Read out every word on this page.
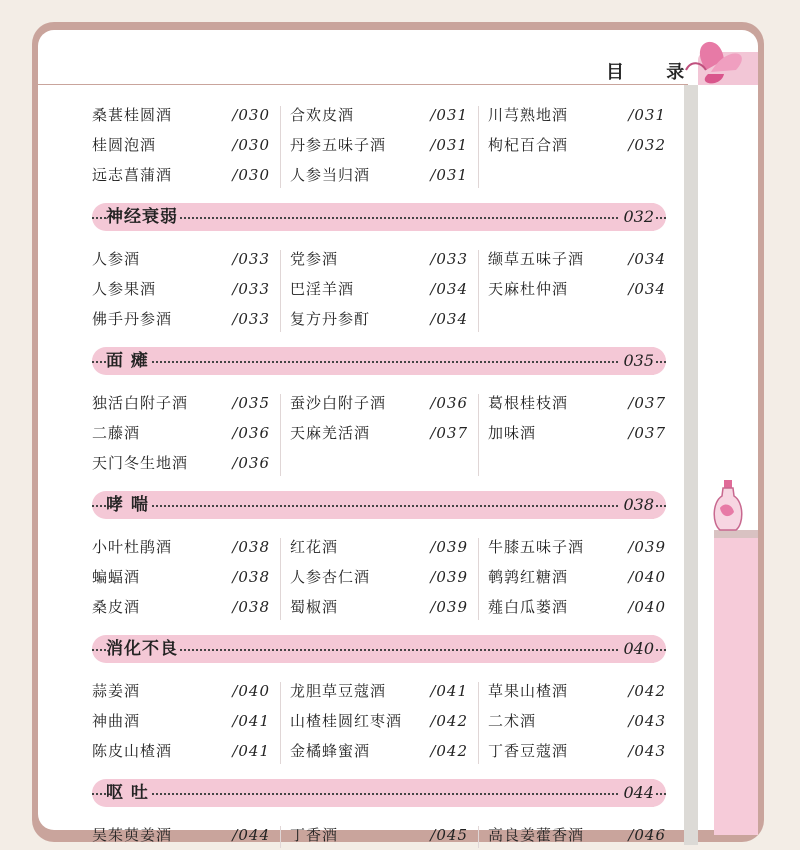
目 录
桑葚桂圆酒	/030 合欢皮酒	/031 川芎熟地酒	/031
桂圆泡酒	/030 丹参五味子酒	/031 枸杞百合酒	/032
远志菖蒲酒	/030 人参当归酒	/031
神经衰弱	032
人参酒	/033 党参酒	/033 缬草五味子酒	/034
人参果酒	/033 巴淫羊酒	/034 天麻杜仲酒	/034
佛手丹参酒	/033 复方丹参酊	/034
面 瘫	035
独活白附子酒	/035 蚕沙白附子酒	/036 葛根桂枝酒	/037
二藤酒	/036 天麻羌活酒	/037 加味酒	/037
天门冬生地酒	/036
哮 喘	038
小叶杜鹃酒	/038 红花酒	/039 牛膝五味子酒	/039
蝙蝠酒	/038 人参杏仁酒	/039 鹌鹑红糖酒	/040
桑皮酒	/038 蜀椒酒	/039 薤白瓜蒌酒	/040
消化不良	040
蒜姜酒	/040 龙胆草豆蔻酒	/041 草果山楂酒	/042
神曲酒	/041 山楂桂圆红枣酒 /042 二术酒	/043
陈皮山楂酒	/041 金橘蜂蜜酒	/042 丁香豆蔻酒	/043
呕 吐	044
吴茱萸姜酒	/044 丁香酒	/045 高良姜藿香酒	/046
